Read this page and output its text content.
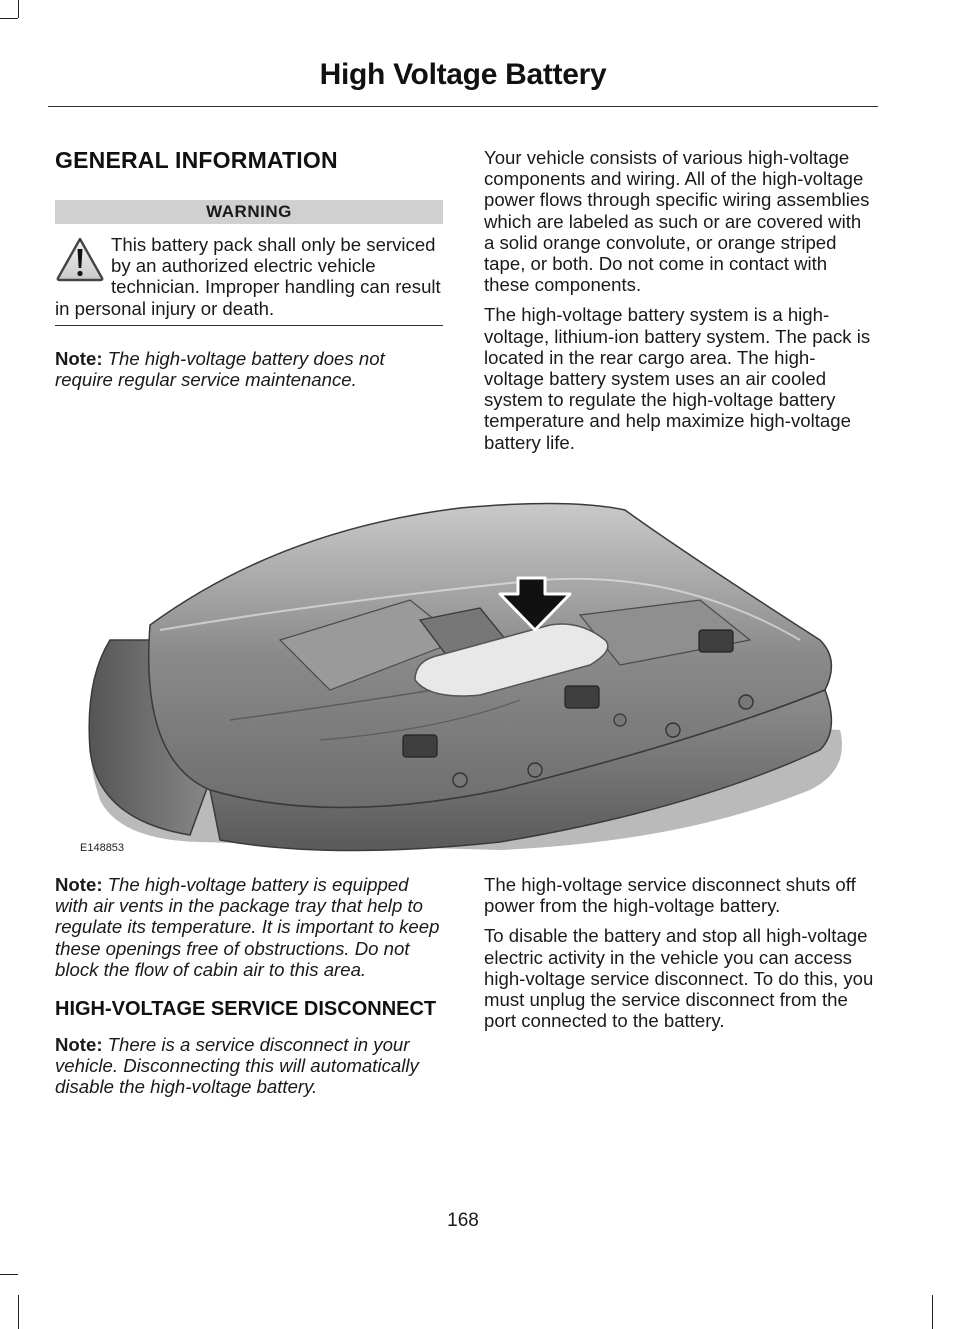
High Voltage Battery
GENERAL INFORMATION
WARNING

This battery pack shall only be serviced by an authorized electric vehicle technician. Improper handling can result in personal injury or death.

Note: The high-voltage battery does not require regular service maintenance.

Your vehicle consists of various high-voltage components and wiring. All of the high-voltage power flows through specific wiring assemblies which are labeled as such or are covered with a solid orange convolute, or orange striped tape, or both. Do not come in contact with these components.

The high-voltage battery system is a high-voltage, lithium-ion battery system. The pack is located in the rear cargo area. The high-voltage battery system uses an air cooled system to regulate the high-voltage battery temperature and help maximize high-voltage battery life.

E148853

Note: The high-voltage battery is equipped with air vents in the package tray that help to regulate its temperature. It is important to keep these openings free of obstructions. Do not block the flow of cabin air to this area.

HIGH-VOLTAGE SERVICE DISCONNECT

Note: There is a service disconnect in your vehicle. Disconnecting this will automatically disable the high-voltage battery.

The high-voltage service disconnect shuts off power from the high-voltage battery.

To disable the battery and stop all high-voltage electric activity in the vehicle you can access high-voltage service disconnect. To do this, you must unplug the service disconnect from the port connected to the battery.

168
